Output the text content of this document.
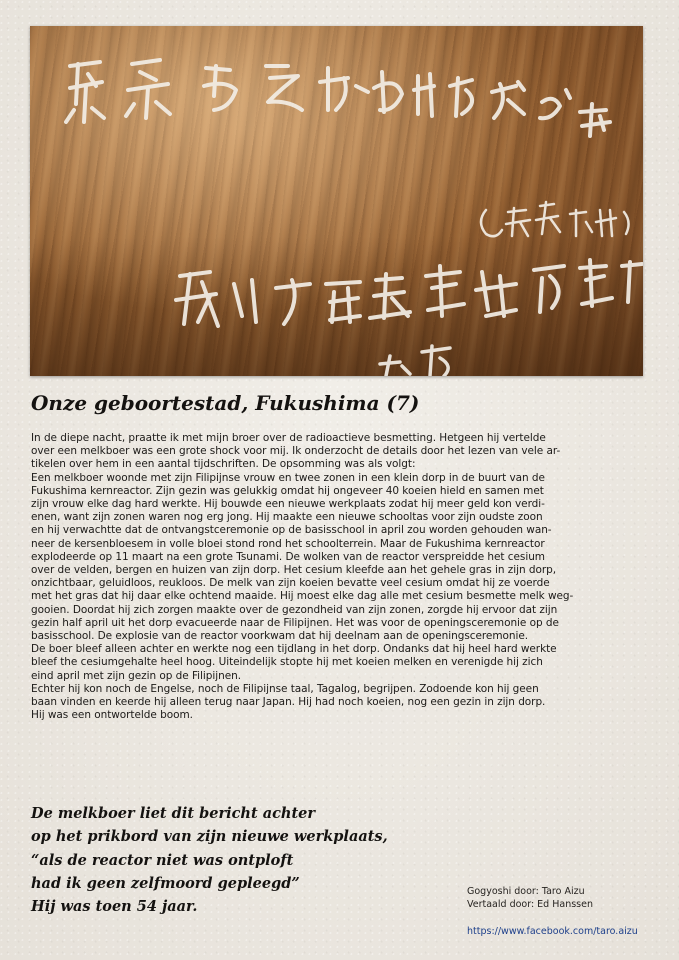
Onze geboortestad, Fukushima (7)
In de diepe nacht, praatte ik met mijn broer over de radioactieve besmetting. Hetgeen hij vertelde
over een melkboer was een grote shock voor mij. Ik onderzocht de details door het lezen van vele ar-
tikelen over hem in een aantal tijdschriften. De opsomming was als volgt:
Een melkboer woonde met zijn Filipijnse vrouw en twee zonen in een klein dorp in de buurt van de
Fukushima kernreactor. Zijn gezin was gelukkig omdat hij ongeveer 40 koeien hield en samen met
zijn vrouw elke dag hard werkte. Hij bouwde een nieuwe werkplaats zodat hij meer geld kon verdi-
enen, want zijn zonen waren nog erg jong. Hij maakte een nieuwe schooltas voor zijn oudste zoon
en hij verwachtte dat de ontvangstceremonie op de basisschool in april zou worden gehouden wan-
neer de kersenbloesem in volle bloei stond rond het schoolterrein. Maar de Fukushima kernreactor
explodeerde op 11 maart na een grote Tsunami. De wolken van de reactor verspreidde het cesium
over de velden, bergen en huizen van zijn dorp. Het cesium kleefde aan het gehele gras in zijn dorp,
onzichtbaar, geluidloos, reukloos. De melk van zijn koeien bevatte veel cesium omdat hij ze voerde
met het gras dat hij daar elke ochtend maaide. Hij moest elke dag alle met cesium besmette melk weg-
gooien. Doordat hij zich zorgen maakte over de gezondheid van zijn zonen, zorgde hij ervoor dat zijn
gezin half april uit het dorp evacueerde naar de Filipijnen. Het was voor de openingsceremonie op de
basisschool. De explosie van de reactor voorkwam dat hij deelnam aan de openingsceremonie.
De boer bleef alleen achter en werkte nog een tijdlang in het dorp. Ondanks dat hij heel hard werkte
bleef the cesiumgehalte heel hoog. Uiteindelijk stopte hij met koeien melken en verenigde hij zich
eind april met zijn gezin op de Filipijnen.
Echter hij kon noch de Engelse, noch de Filipijnse taal, Tagalog, begrijpen. Zodoende kon hij geen
baan vinden en keerde hij alleen terug naar Japan. Hij had noch koeien, nog een gezin in zijn dorp.
Hij was een ontwortelde boom.
De melkboer liet dit bericht achter
op het prikbord van zijn nieuwe werkplaats,
“als de reactor niet was ontploft
had ik geen zelfmoord gepleegd”
Hij was toen 54 jaar.
Gogyoshi door: Taro Aizu
Vertaald door: Ed Hanssen
https://www.facebook.com/taro.aizu
